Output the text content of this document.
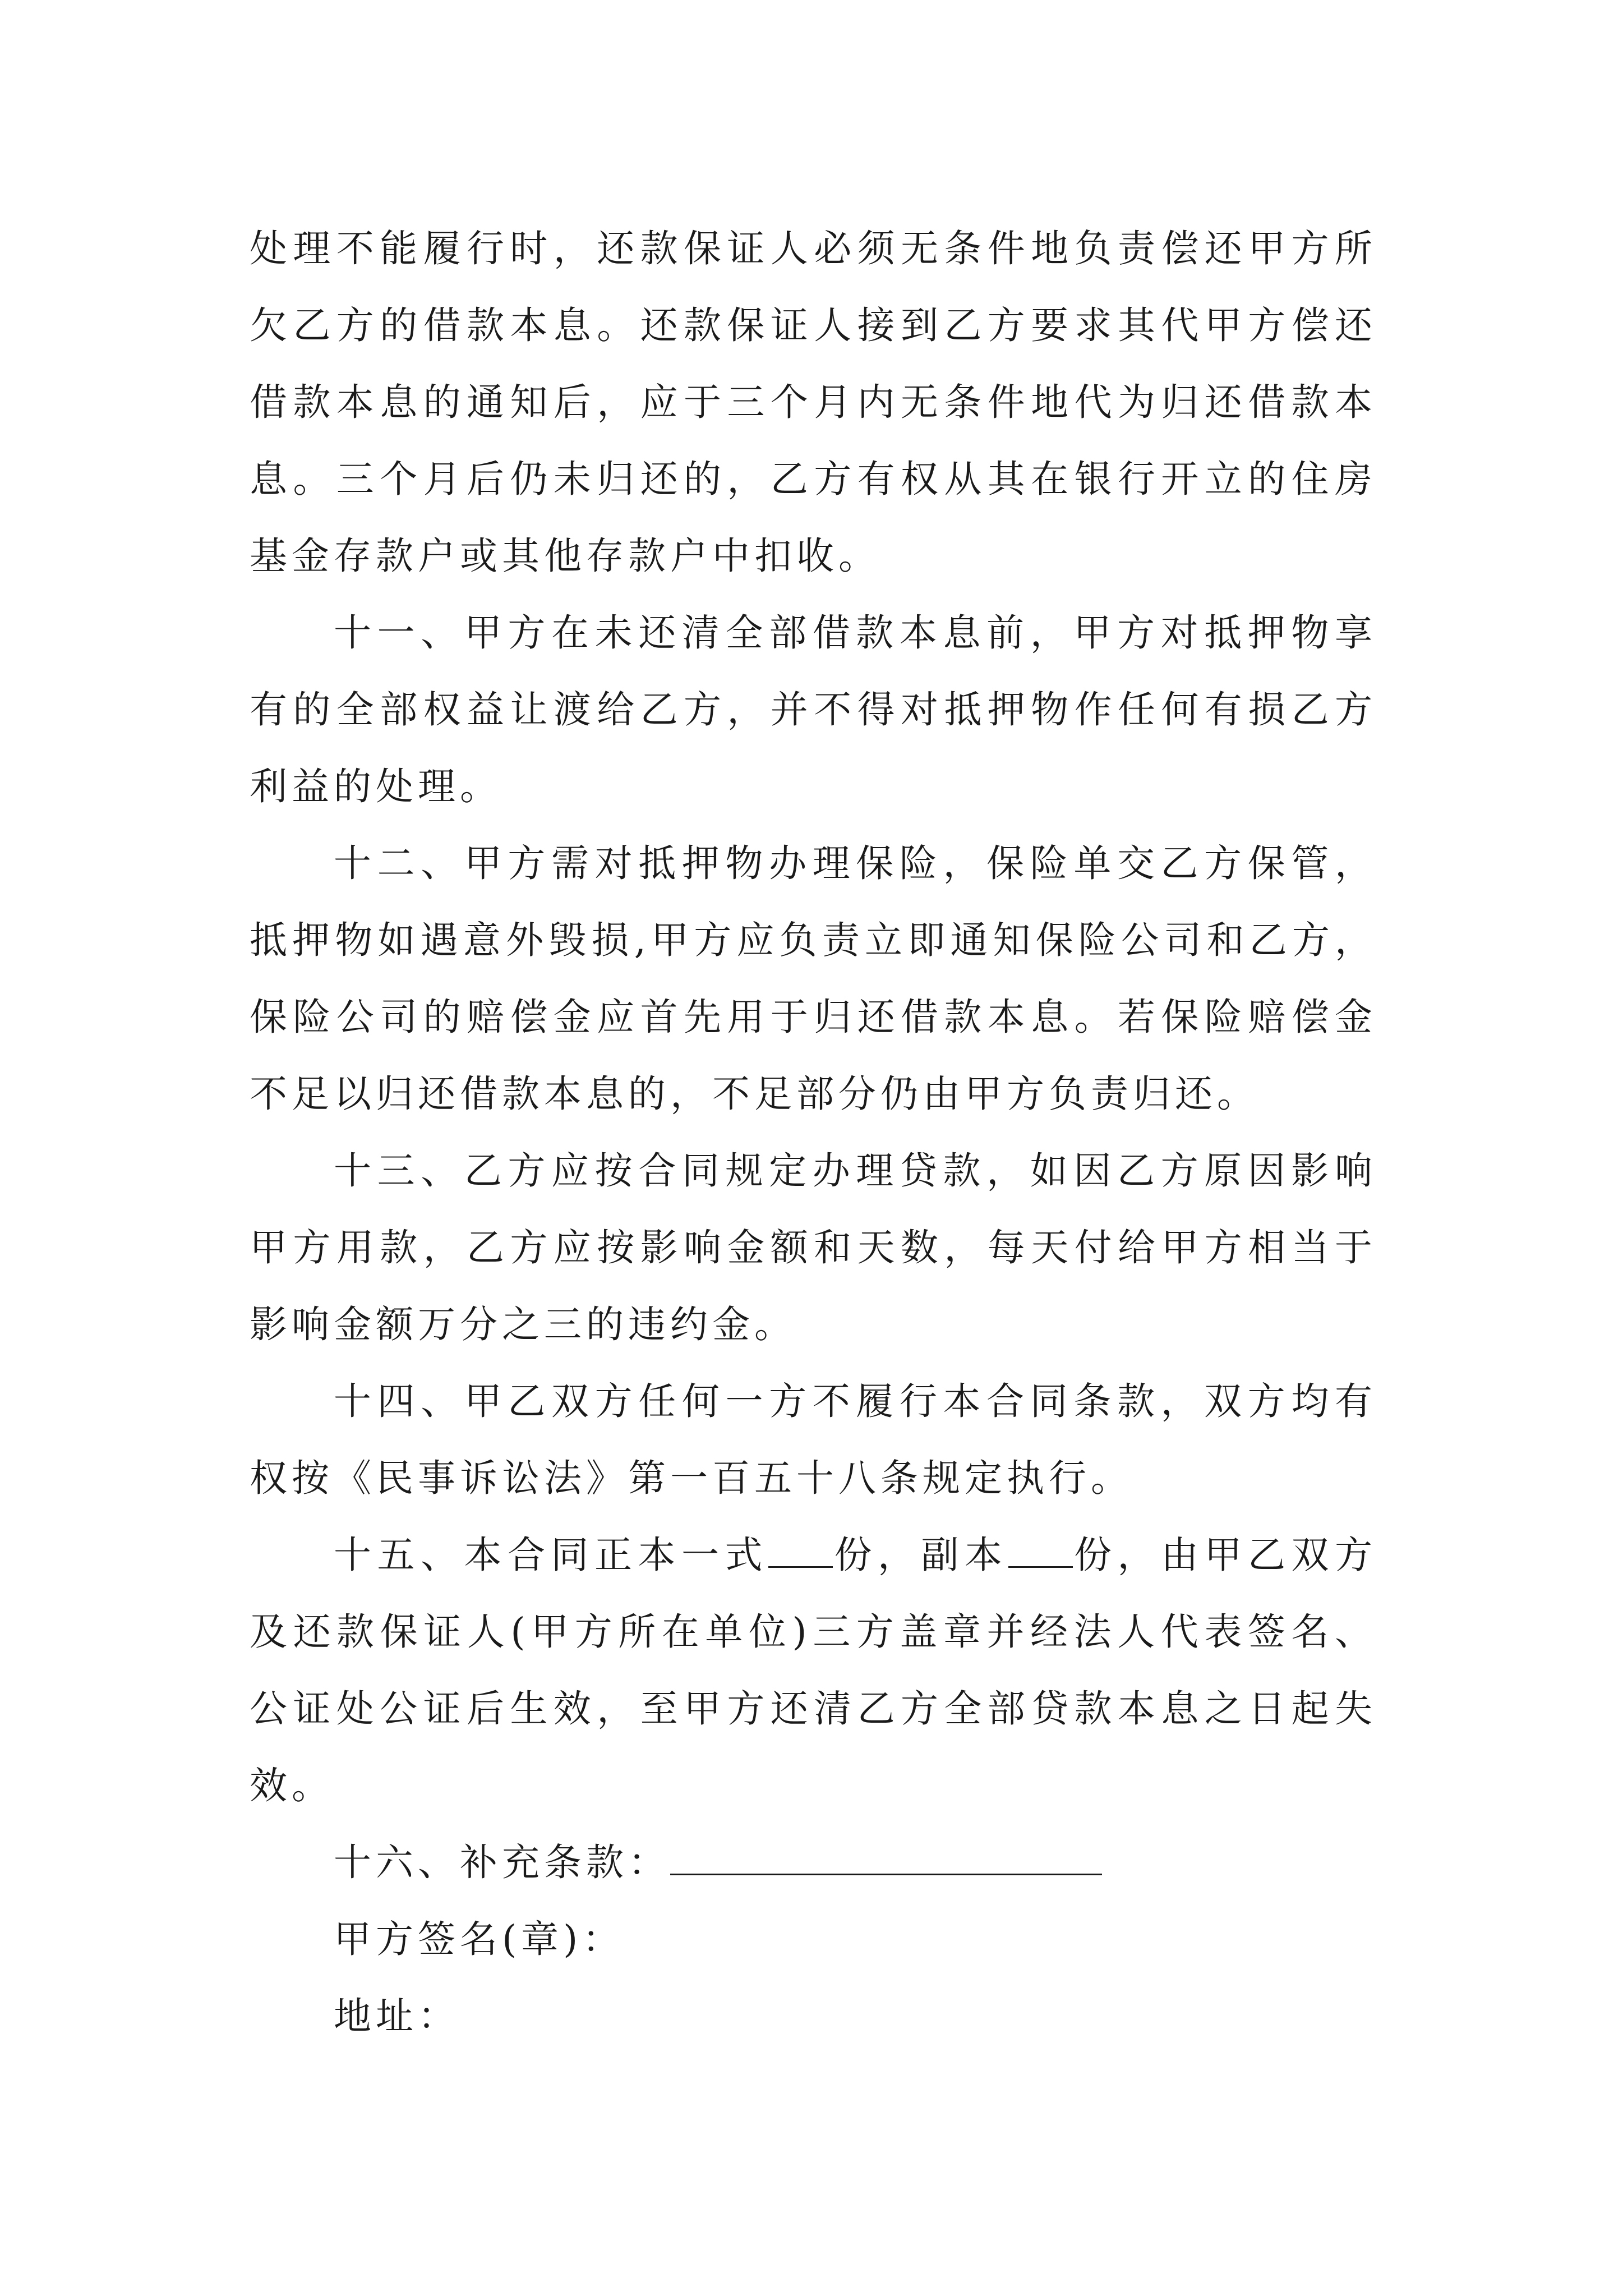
处理不能履行时，还款保证人必须无条件地负责偿还甲方所欠乙方的借款本息。还款保证人接到乙方要求其代甲方偿还借款本息的通知后，应于三个月内无条件地代为归还借款本息。三个月后仍未归还的，乙方有权从其在银行开立的住房基金存款户或其他存款户中扣收。

十一、甲方在未还清全部借款本息前，甲方对抵押物享有的全部权益让渡给乙方，并不得对抵押物作任何有损乙方利益的处理。

十二、甲方需对抵押物办理保险，保险单交乙方保管，抵押物如遇意外毁损,甲方应负责立即通知保险公司和乙方，保险公司的赔偿金应首先用于归还借款本息。若保险赔偿金不足以归还借款本息的，不足部分仍由甲方负责归还。

十三、乙方应按合同规定办理贷款，如因乙方原因影响甲方用款，乙方应按影响金额和天数，每天付给甲方相当于影响金额万分之三的违约金。

十四、甲乙双方任何一方不履行本合同条款，双方均有权按《民事诉讼法》第一百五十八条规定执行。

十五、本合同正本一式 份，副本 份，由甲乙双方及还款保证人(甲方所在单位)三方盖章并经法人代表签名、公证处公证后生效，至甲方还清乙方全部贷款本息之日起失效。

十六、补充条款：

甲方签名(章)：

地址：
